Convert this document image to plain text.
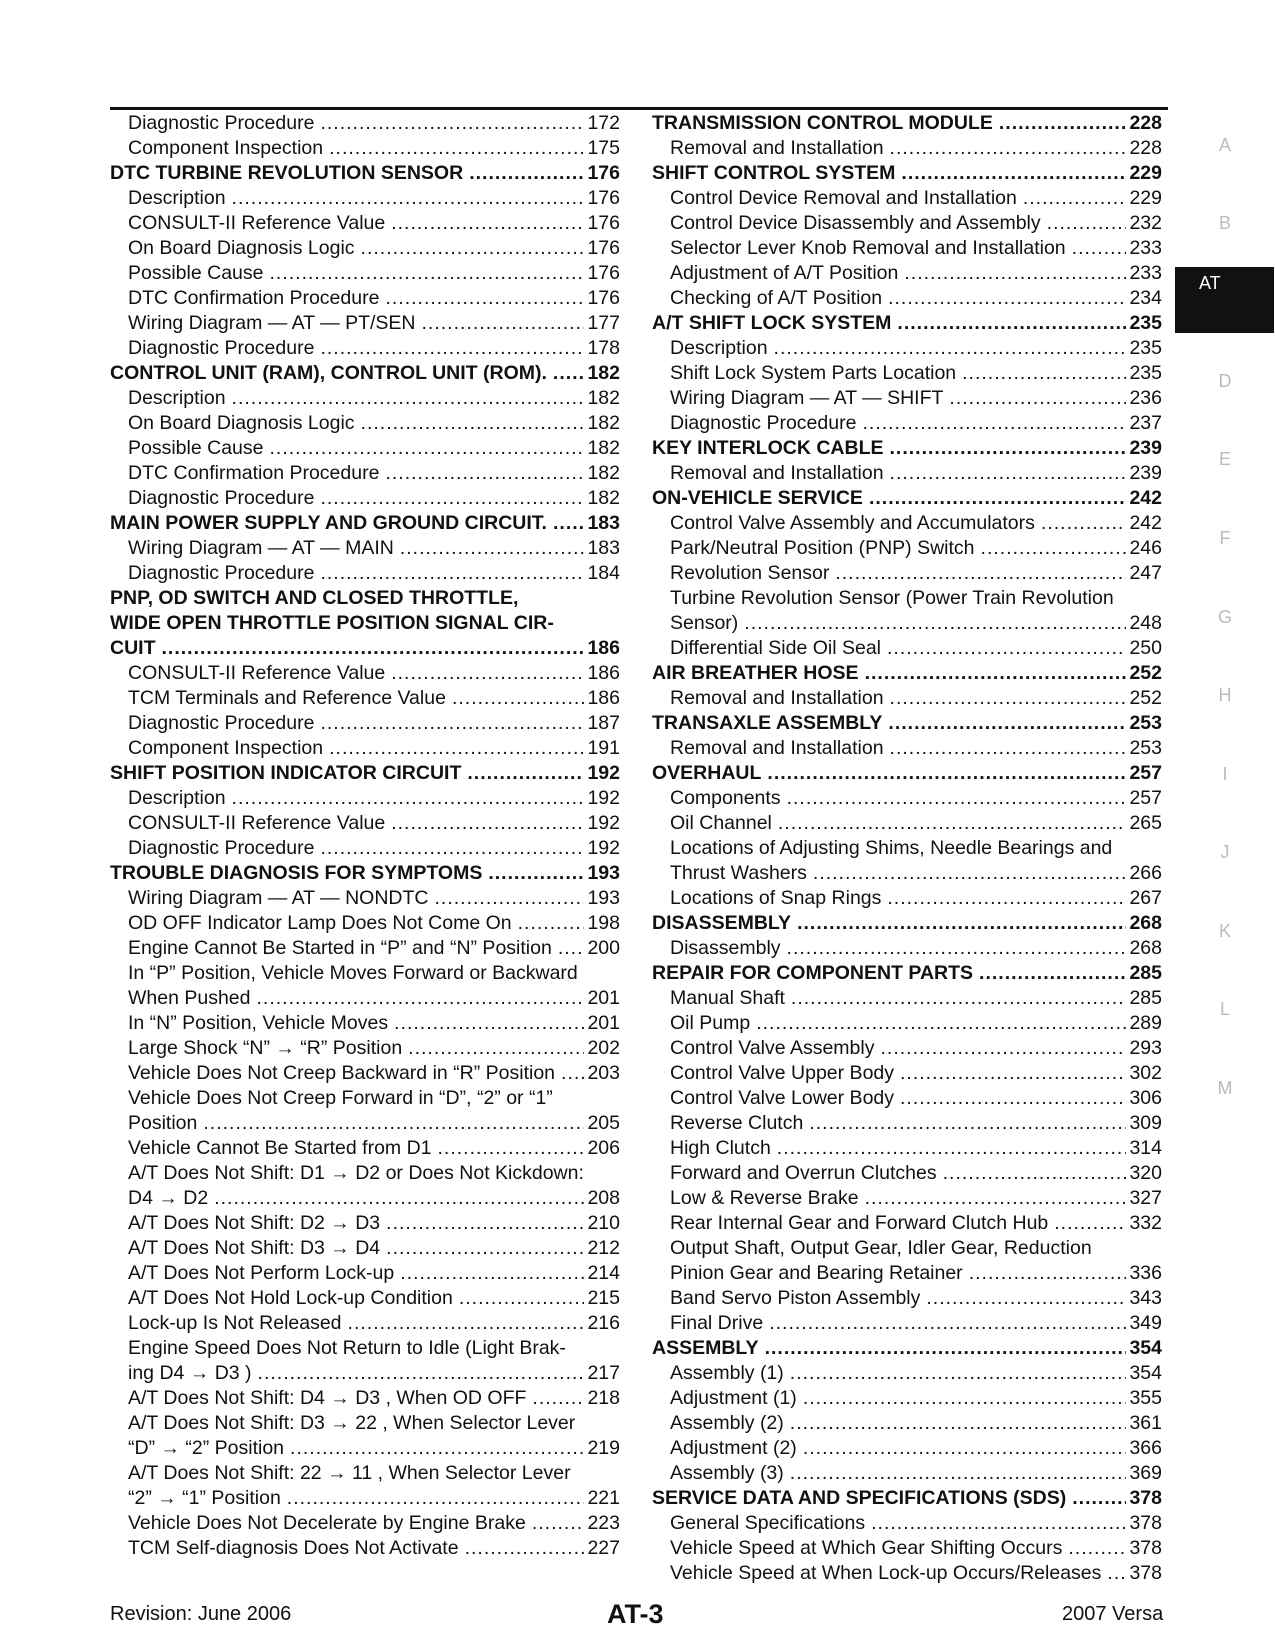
Diagnostic Procedure .....	172
Component Inspection .....	175
DTC TURBINE REVOLUTION SENSOR .....	176
Description .....	176
CONSULT-II Reference Value .....	176
On Board Diagnosis Logic .....	176
Possible Cause .....	176
DTC Confirmation Procedure .....	176
Wiring Diagram — AT — PT/SEN .....	177
Diagnostic Procedure .....	178
CONTROL UNIT (RAM), CONTROL UNIT (ROM). ..... 182
Description .....	182
On Board Diagnosis Logic .....	182
Possible Cause .....	182
DTC Confirmation Procedure .....	182
Diagnostic Procedure .....	182
MAIN POWER SUPPLY AND GROUND CIRCUIT. ..... 183
Wiring Diagram — AT — MAIN .....	183
Diagnostic Procedure .....	184
PNP, OD SWITCH AND CLOSED THROTTLE,
WIDE OPEN THROTTLE POSITION SIGNAL CIR-
CUIT .....	186
CONSULT-II Reference Value .....	186
TCM Terminals and Reference Value .....	186
Diagnostic Procedure .....	187
Component Inspection .....	191
SHIFT POSITION INDICATOR CIRCUIT .....	192
Description .....	192
CONSULT-II Reference Value .....	192
Diagnostic Procedure .....	192
TROUBLE DIAGNOSIS FOR SYMPTOMS .....	193
Wiring Diagram — AT — NONDTC .....	193
OD OFF Indicator Lamp Does Not Come On .....	198
Engine Cannot Be Started in “P” and “N” Position ..... 200
In “P” Position, Vehicle Moves Forward or Backward
When Pushed .....	201
In “N” Position, Vehicle Moves .....	201
Large Shock “N” → “R” Position .....	202
Vehicle Does Not Creep Backward in “R” Position ..... 203
Vehicle Does Not Creep Forward in “D”, “2” or “1”
Position .....	205
Vehicle Cannot Be Started from D1 .....	206
A/T Does Not Shift: D1 → D2 or Does Not Kickdown:
D4 → D2 .....	208
A/T Does Not Shift: D2 → D3 .....	210
A/T Does Not Shift: D3 → D4 .....	212
A/T Does Not Perform Lock-up .....	214
A/T Does Not Hold Lock-up Condition .....	215
Lock-up Is Not Released .....	216
Engine Speed Does Not Return to Idle (Light Brak-
ing D4 → D3 ) .....	217
A/T Does Not Shift: D4 → D3 , When OD OFF .....	218
A/T Does Not Shift: D3 → 22 , When Selector Lever
“D” → “2” Position .....	219
A/T Does Not Shift: 22 → 11 , When Selector Lever
“2” → “1” Position .....	221
Vehicle Does Not Decelerate by Engine Brake .....	223
TCM Self-diagnosis Does Not Activate .....	227
TRANSMISSION CONTROL MODULE .....	228
Removal and Installation .....	228
SHIFT CONTROL SYSTEM .....	229
Control Device Removal and Installation .....	229
Control Device Disassembly and Assembly .....	232
Selector Lever Knob Removal and Installation .....	233
Adjustment of A/T Position .....	233
Checking of A/T Position .....	234
A/T SHIFT LOCK SYSTEM .....	235
Description .....	235
Shift Lock System Parts Location .....	235
Wiring Diagram — AT — SHIFT .....	236
Diagnostic Procedure .....	237
KEY INTERLOCK CABLE .....	239
Removal and Installation .....	239
ON-VEHICLE SERVICE .....	242
Control Valve Assembly and Accumulators .....	242
Park/Neutral Position (PNP) Switch .....	246
Revolution Sensor .....	247
Turbine Revolution Sensor (Power Train Revolution
Sensor) .....	248
Differential Side Oil Seal .....	250
AIR BREATHER HOSE .....	252
Removal and Installation .....	252
TRANSAXLE ASSEMBLY .....	253
Removal and Installation .....	253
OVERHAUL .....	257
Components .....	257
Oil Channel .....	265
Locations of Adjusting Shims, Needle Bearings and
Thrust Washers .....	266
Locations of Snap Rings .....	267
DISASSEMBLY .....	268
Disassembly .....	268
REPAIR FOR COMPONENT PARTS .....	285
Manual Shaft .....	285
Oil Pump .....	289
Control Valve Assembly .....	293
Control Valve Upper Body .....	302
Control Valve Lower Body .....	306
Reverse Clutch .....	309
High Clutch .....	314
Forward and Overrun Clutches .....	320
Low & Reverse Brake .....	327
Rear Internal Gear and Forward Clutch Hub .....	332
Output Shaft, Output Gear, Idler Gear, Reduction
Pinion Gear and Bearing Retainer .....	336
Band Servo Piston Assembly .....	343
Final Drive .....	349
ASSEMBLY .....	354
Assembly (1) .....	354
Adjustment (1) .....	355
Assembly (2) .....	361
Adjustment (2) .....	366
Assembly (3) .....	369
SERVICE DATA AND SPECIFICATIONS (SDS) .....	378
General Specifications .....	378
Vehicle Speed at Which Gear Shifting Occurs .....	378
Vehicle Speed at When Lock-up Occurs/Releases ..... 378
A
B
AT
D
E
F
G
H
I
J
K
L
M
Revision: June 2006	AT-3	2007 Versa
